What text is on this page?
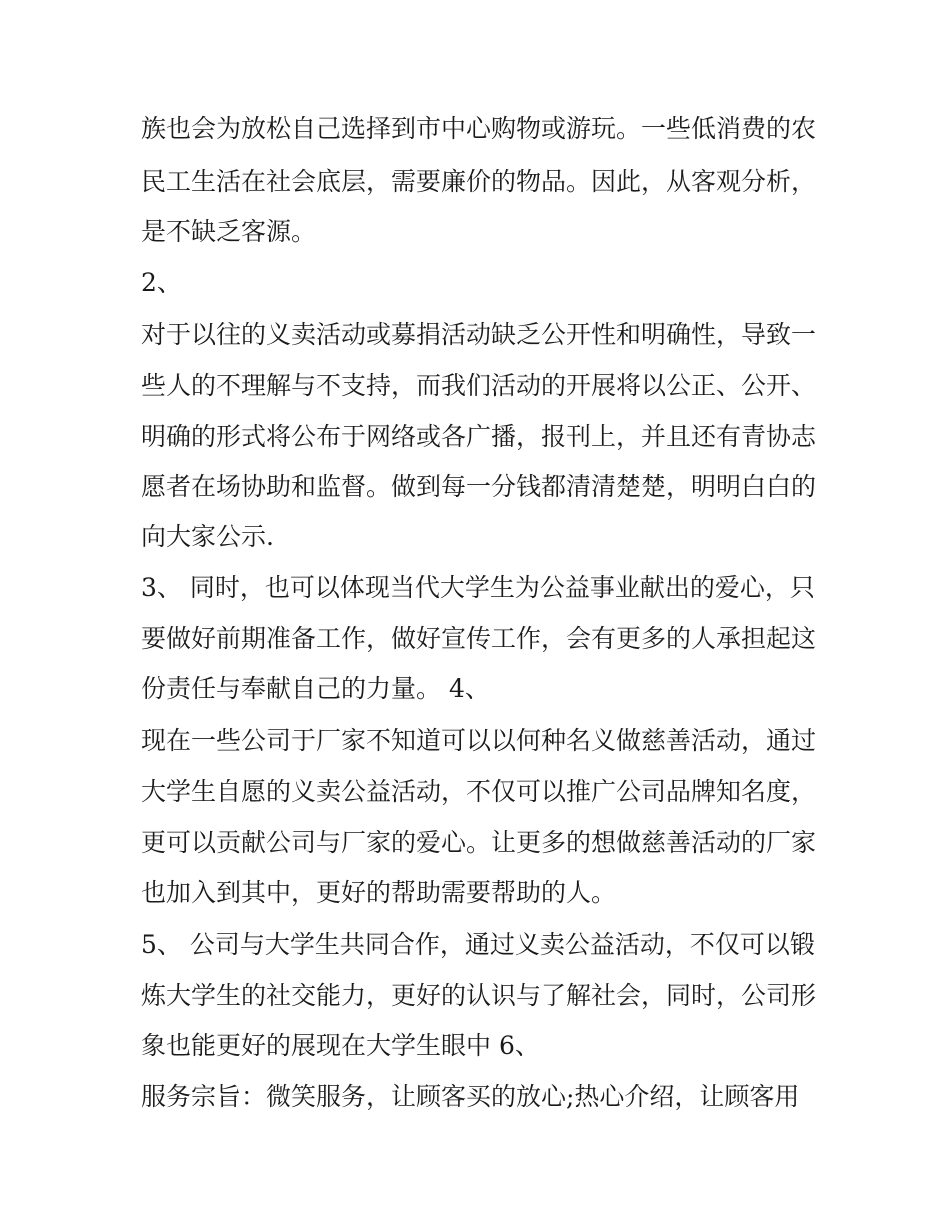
族也会为放松自己选择到市中心购物或游玩。一些低消费的农

民工生活在社会底层，需要廉价的物品。因此，从客观分析，

是不缺乏客源。

2、

对于以往的义卖活动或募捐活动缺乏公开性和明确性，导致一

些人的不理解与不支持，而我们活动的开展将以公正、公开、

明确的形式将公布于网络或各广播，报刊上，并且还有青协志

愿者在场协助和监督。做到每一分钱都清清楚楚，明明白白的

向大家公示.

3、 同时，也可以体现当代大学生为公益事业献出的爱心，只

要做好前期准备工作，做好宣传工作，会有更多的人承担起这

份责任与奉献自己的力量。 4、

现在一些公司于厂家不知道可以以何种名义做慈善活动，通过

大学生自愿的义卖公益活动，不仅可以推广公司品牌知名度，

更可以贡献公司与厂家的爱心。让更多的想做慈善活动的厂家

也加入到其中，更好的帮助需要帮助的人。

5、 公司与大学生共同合作，通过义卖公益活动，不仅可以锻

炼大学生的社交能力，更好的认识与了解社会，同时，公司形

象也能更好的展现在大学生眼中 6、

服务宗旨：微笑服务，让顾客买的放心;热心介绍，让顾客用
